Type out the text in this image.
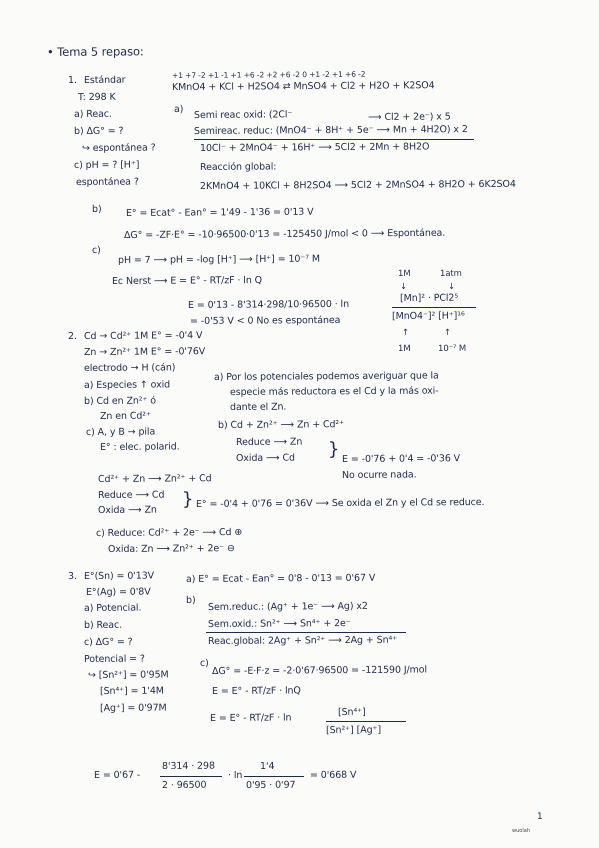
• Tema 5 repaso:
1. Estándar
T: 298 K
+1 +7 -2 +1 -1 +1 +6 -2 +2 +6 -2 0 +1 -2 +1 +6 -2
KMnO4 + KCl + H2SO4 ⇄ MnSO4 + Cl2 + H2O + K2SO4
a) Reac.
b) ΔG° = ?
↪ espontánea ?
c) pH = ? [H⁺]
espontánea ?
a) Semi reac oxid: (2Cl⁻	⟶ Cl2 + 2e⁻) x 5
Semireac. reduc: (MnO4⁻ + 8H⁺ + 5e⁻ ⟶ Mn + 4H2O) x 2
10Cl⁻ + 2MnO4⁻ + 16H⁺ ⟶ 5Cl2 + 2Mn + 8H2O
Reacción global:
2KMnO4 + 10KCl + 8H2SO4 ⟶ 5Cl2 + 2MnSO4 + 8H2O + 6K2SO4
b)	E° = Ecat° - Ean° = 1'49 - 1'36 = 0'13 V
ΔG° = -ZF·E° = -10·96500·0'13 = -125450 J/mol < 0 ⟶ Espontánea.
c)
pH = 7 ⟶ pH = -log [H⁺] ⟶ [H⁺] = 10⁻⁷ M
1M	1atm
Ec Nerst ⟶ E = E° - RT/zF · ln Q	↓	↓
E = 0'13 - 8'314·298/10·96500 · ln
[Mn]² · PCl2⁵
[MnO4⁻]² [H⁺]¹⁶
= -0'53 V < 0 No es espontánea
↑	↑
1M	10⁻⁷ M
2. Cd → Cd²⁺ 1M E° = -0'4 V
Zn → Zn²⁺ 1M E° = -0'76V
electrodo → H (cán)
a) Especies ↑ oxid
b) Cd en Zn²⁺ ó
Zn en Cd²⁺
c) A, y B → pila
E° : elec. polarid.
a) Por los potenciales podemos averiguar que la
especie más reductora es el Cd y la más oxi-
dante el Zn.
b) Cd + Zn²⁺ ⟶ Zn + Cd²⁺
Reduce ⟶ Zn
Oxida ⟶ Cd } E = -0'76 + 0'4 = -0'36 V
No ocurre nada.
Cd²⁺ + Zn ⟶ Zn²⁺ + Cd
Reduce ⟶ Cd
Oxida ⟶ Zn
} E° = -0'4 + 0'76 = 0'36V ⟶ Se oxida el Zn y el Cd se reduce.
c) Reduce: Cd²⁺ + 2e⁻ ⟶ Cd ⊕
Oxida: Zn ⟶ Zn²⁺ + 2e⁻ ⊖
3. E°(Sn) = 0'13V
E°(Ag) = 0'8V
a) Potencial.
b) Reac.
c) ΔG° = ?
Potencial = ?
↪ [Sn²⁺] = 0'95M
[Sn⁴⁺] = 1'4M
[Ag⁺] = 0'97M
a) E° = Ecat - Ean° = 0'8 - 0'13 = 0'67 V
b)
Sem.reduc.: (Ag⁺ + 1e⁻ ⟶ Ag) x2
Sem.oxid.: Sn²⁺ ⟶ Sn⁴⁺ + 2e⁻
Reac.global: 2Ag⁺ + Sn²⁺ ⟶ 2Ag + Sn⁴⁺
c)
ΔG° = -E·F·z = -2·0'67·96500 = -121590 J/mol
E = E° - RT/zF · lnQ
E = E° - RT/zF · ln
[Sn⁴⁺]
[Sn²⁺] [Ag⁺]
E = 0'67 -
8'314 · 298
2 · 96500
· ln
1'4
0'95 · 0'97
= 0'668 V
1
wuolah
